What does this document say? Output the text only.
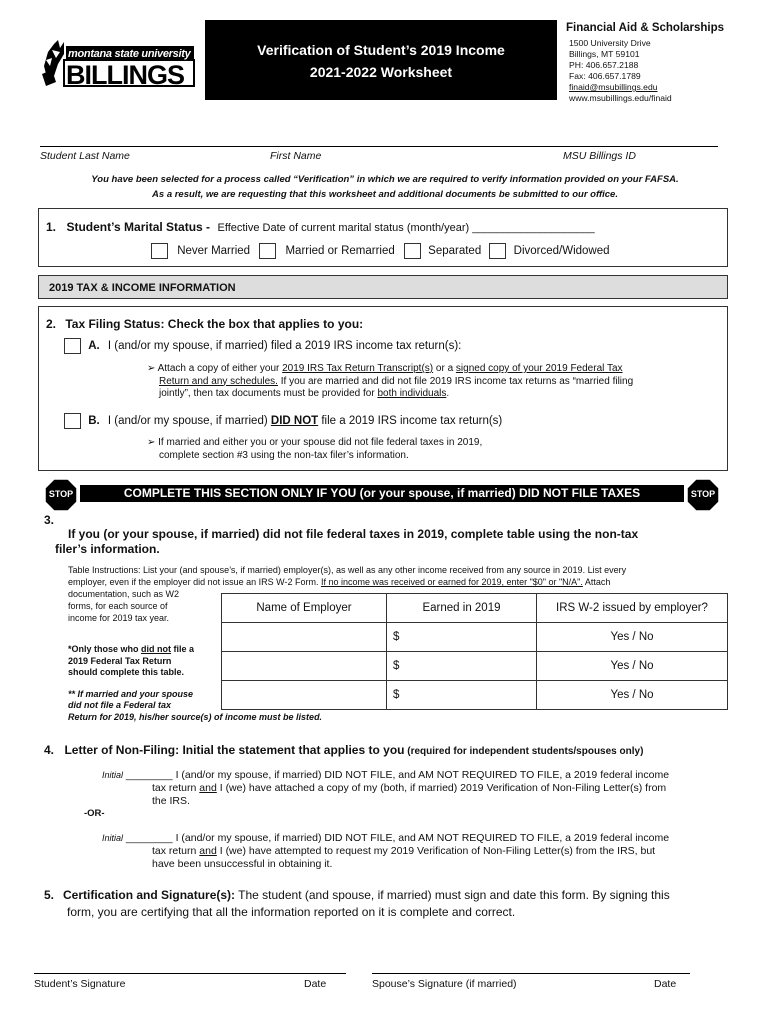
montana state university
BILLINGS
Verification of Student’s 2019 Income
2021-2022 Worksheet
Financial Aid & Scholarships
1500 University Drive
Billings, MT 59101
PH: 406.657.2188
Fax: 406.657.1789
finaid@msubillings.edu
www.msubillings.edu/finaid
Student Last Name	First Name	MSU Billings ID
You have been selected for a process called “Verification” in which we are required to verify information provided on your FAFSA.
As a result, we are requesting that this worksheet and additional documents be submitted to our office.
1. Student’s Marital Status - Effective Date of current marital status (month/year) ____________________
Never Married	Married or Remarried	Separated	Divorced/Widowed
2019 TAX & INCOME INFORMATION
2. Tax Filing Status: Check the box that applies to you:
A. I (and/or my spouse, if married) filed a 2019 IRS income tax return(s):
➢ Attach a copy of either your 2019 IRS Tax Return Transcript(s) or a signed copy of your 2019 Federal Tax
Return and any schedules. If you are married and did not file 2019 IRS income tax returns as “married filing
jointly”, then tax documents must be provided for both individuals.
B. I (and/or my spouse, if married) DID NOT file a 2019 IRS income tax return(s)
➢ If married and either you or your spouse did not file federal taxes in 2019,
complete section #3 using the non-tax filer’s information.
STOP	COMPLETE THIS SECTION ONLY IF YOU (or your spouse, if married) DID NOT FILE TAXES	STOP
3.
If you (or your spouse, if married) did not file federal taxes in 2019, complete table using the non-tax
filer’s information.
Table Instructions: List your (and spouse’s, if married) employer(s), as well as any other income received from any source in 2019. List every
employer, even if the employer did not issue an IRS W-2 Form. If no income was received or earned for 2019, enter "$0" or "N/A". Attach
documentation, such as W2
forms, for each source of
income for 2019 tax year.
*Only those who did not file a
2019 Federal Tax Return
should complete this table.
** If married and your spouse
did not file a Federal tax
Return for 2019, his/her source(s) of income must be listed.
Name of Employer	Earned in 2019	IRS W-2 issued by employer?
	$	Yes / No
	$	Yes / No
	$	Yes / No
4. Letter of Non-Filing: Initial the statement that applies to you (required for independent students/spouses only)
Initial ________ I (and/or my spouse, if married) DID NOT FILE, and AM NOT REQUIRED TO FILE, a 2019 federal income
tax return and I (we) have attached a copy of my (both, if married) 2019 Verification of Non-Filing Letter(s) from
the IRS.
-OR-
Initial ________ I (and/or my spouse, if married) DID NOT FILE, and AM NOT REQUIRED TO FILE, a 2019 federal income
tax return and I (we) have attempted to request my 2019 Verification of Non-Filing Letter(s) from the IRS, but
have been unsuccessful in obtaining it.
5. Certification and Signature(s): The student (and spouse, if married) must sign and date this form. By signing this
form, you are certifying that all the information reported on it is complete and correct.
Student’s Signature	Date	Spouse’s Signature (if married)	Date
